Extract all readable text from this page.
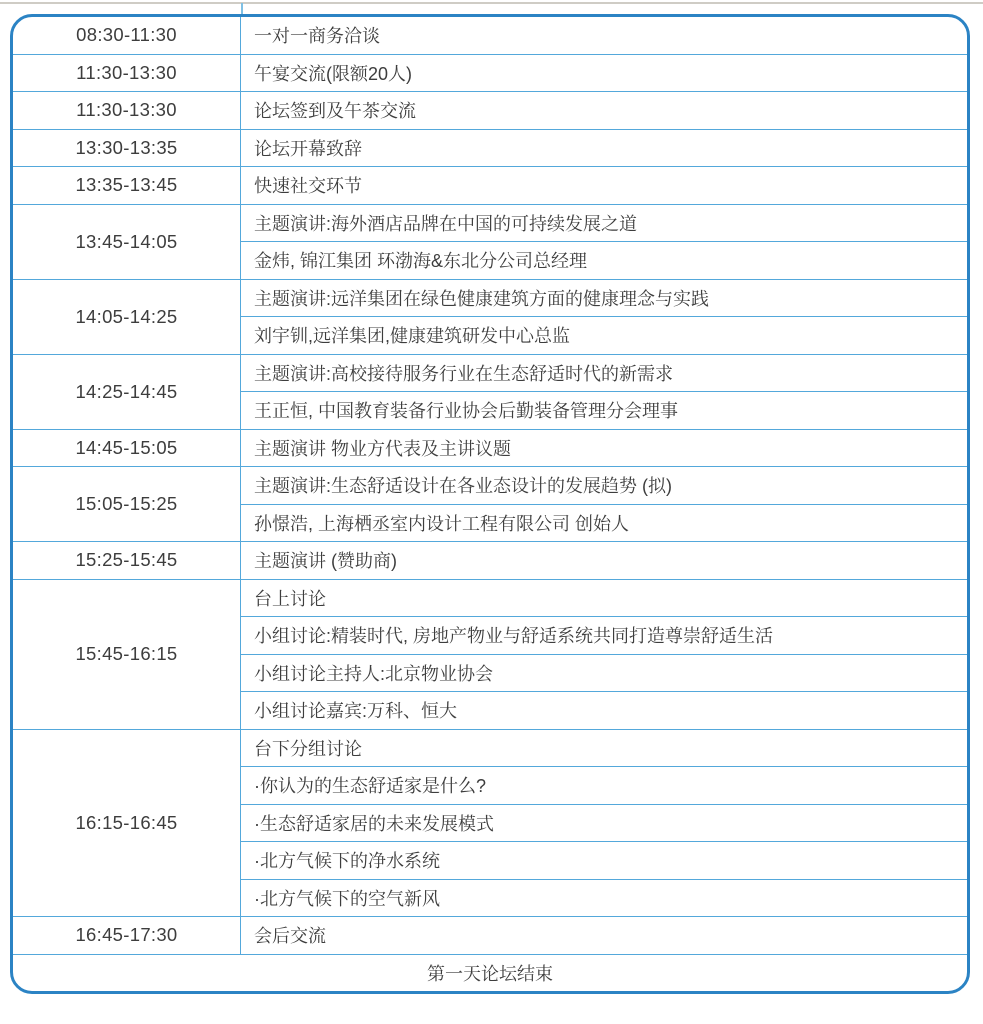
08:30-11:30	一对一商务洽谈
11:30-13:30	午宴交流(限额20人)
11:30-13:30	论坛签到及午茶交流
13:30-13:35	论坛开幕致辞
13:35-13:45	快速社交环节
13:45-14:05	主题演讲:海外酒店品牌在中国的可持续发展之道
	金炜, 锦江集团 环渤海&东北分公司总经理
14:05-14:25	主题演讲:远洋集团在绿色健康建筑方面的健康理念与实践
	刘宇钏,远洋集团,健康建筑研发中心总监
14:25-14:45	主题演讲:高校接待服务行业在生态舒适时代的新需求
	王正恒, 中国教育装备行业协会后勤装备管理分会理事
14:45-15:05	主题演讲 物业方代表及主讲议题
15:05-15:25	主题演讲:生态舒适设计在各业态设计的发展趋势 (拟)
	孙憬浩, 上海栖丞室内设计工程有限公司 创始人
15:25-15:45	主题演讲 (赞助商)
15:45-16:15	台上讨论
	小组讨论:精装时代, 房地产物业与舒适系统共同打造尊崇舒适生活
	小组讨论主持人:北京物业协会
	小组讨论嘉宾:万科、恒大
16:15-16:45	台下分组讨论
	·你认为的生态舒适家是什么?
	·生态舒适家居的未来发展模式
	·北方气候下的净水系统
	·北方气候下的空气新风
16:45-17:30	会后交流
第一天论坛结束	
